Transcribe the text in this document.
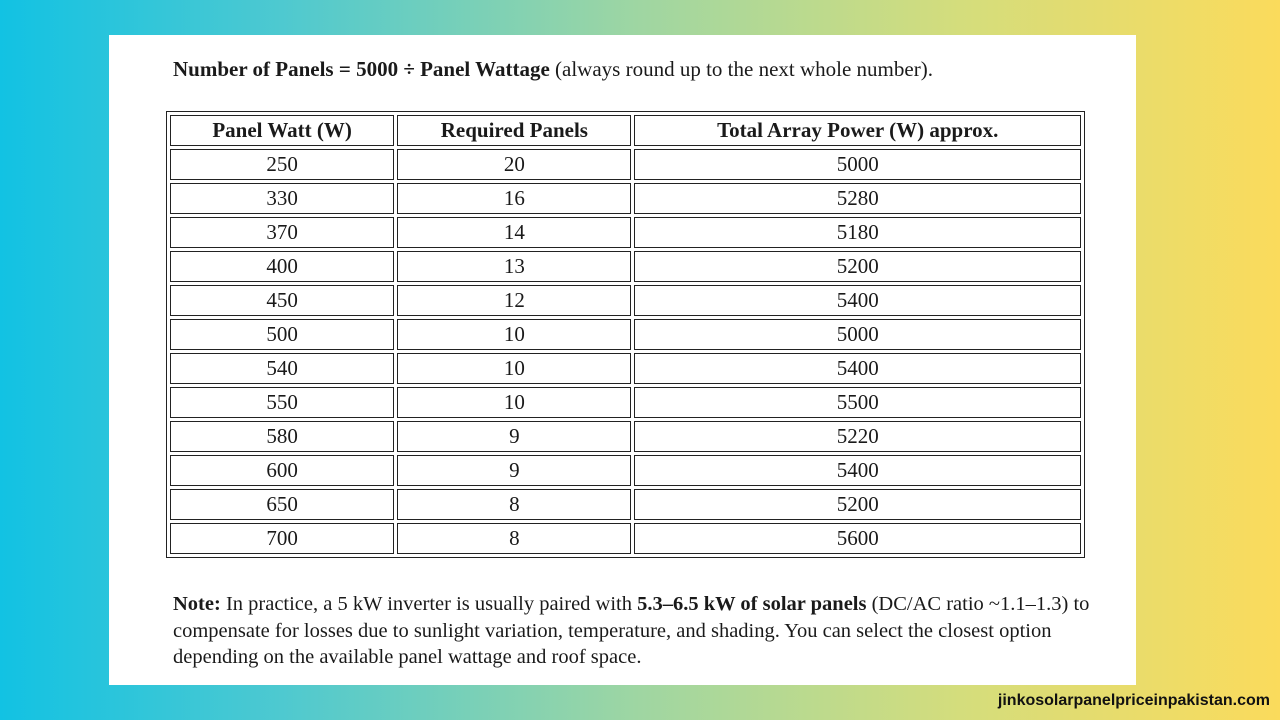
Number of Panels = 5000 ÷ Panel Wattage (always round up to the next whole number).
Panel Watt (W)	Required Panels	Total Array Power (W) approx.
250	20	5000
330	16	5280
370	14	5180
400	13	5200
450	12	5400
500	10	5000
540	10	5400
550	10	5500
580	9	5220
600	9	5400
650	8	5200
700	8	5600
Note: In practice, a 5 kW inverter is usually paired with 5.3–6.5 kW of solar panels (DC/AC ratio ~1.1–1.3) to compensate for losses due to sunlight variation, temperature, and shading. You can select the closest option depending on the available panel wattage and roof space.
jinkosolarpanelpriceinpakistan.com
